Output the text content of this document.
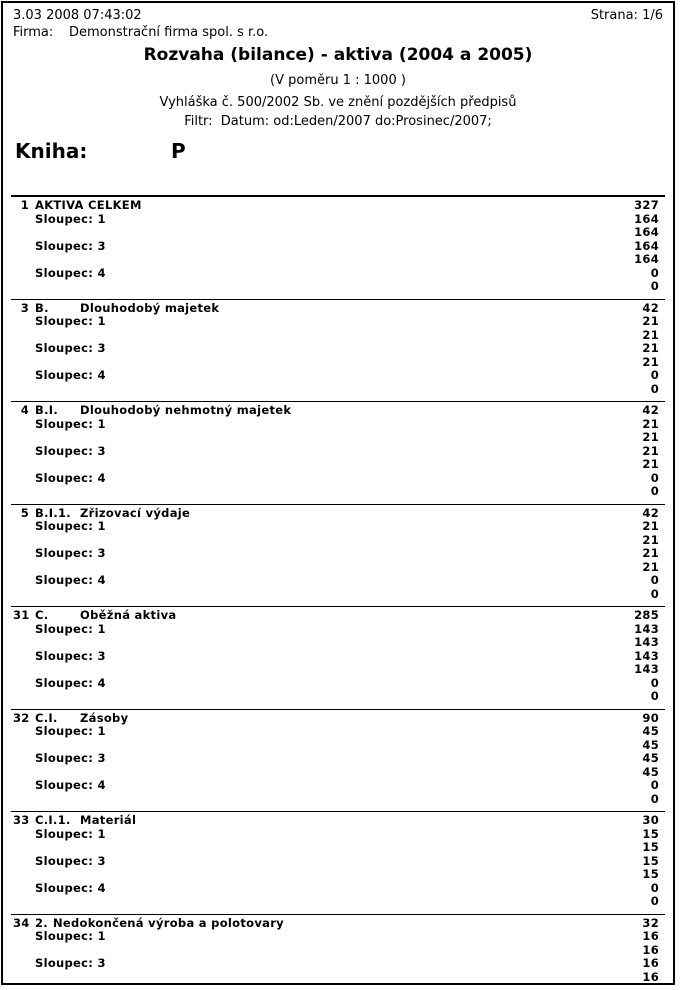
3.03 2008 07:43:02	Strana: 1/6
Firma:	Demonstrační firma spol. s r.o.
Rozvaha (bilance) - aktiva (2004 a 2005)
(V poměru 1 : 1000 )
Vyhláška č. 500/2002 Sb. ve znění pozdějších předpisů
Filtr:  Datum: od:Leden/2007 do:Prosinec/2007;
Kniha:	P
1 AKTIVA CELKEM	327
Sloupec: 1	164
164
Sloupec: 3	164
164
Sloupec: 4	0
0
3 B.	Dlouhodobý majetek	42
Sloupec: 1	21
21
Sloupec: 3	21
21
Sloupec: 4	0
0
4 B.I.	Dlouhodobý nehmotný majetek	42
Sloupec: 1	21
21
Sloupec: 3	21
21
Sloupec: 4	0
0
5 B.I.1. Zřizovací výdaje	42
Sloupec: 1	21
21
Sloupec: 3	21
21
Sloupec: 4	0
0
31 C.	Oběžná aktiva	285
Sloupec: 1	143
143
Sloupec: 3	143
143
Sloupec: 4	0
0
32 C.I.	Zásoby	90
Sloupec: 1	45
45
Sloupec: 3	45
45
Sloupec: 4	0
0
33 C.I.1. Materiál	30
Sloupec: 1	15
15
Sloupec: 3	15
15
Sloupec: 4	0
0
34 2. Nedokončená výroba a polotovary	32
Sloupec: 1	16
16
Sloupec: 3	16
16
